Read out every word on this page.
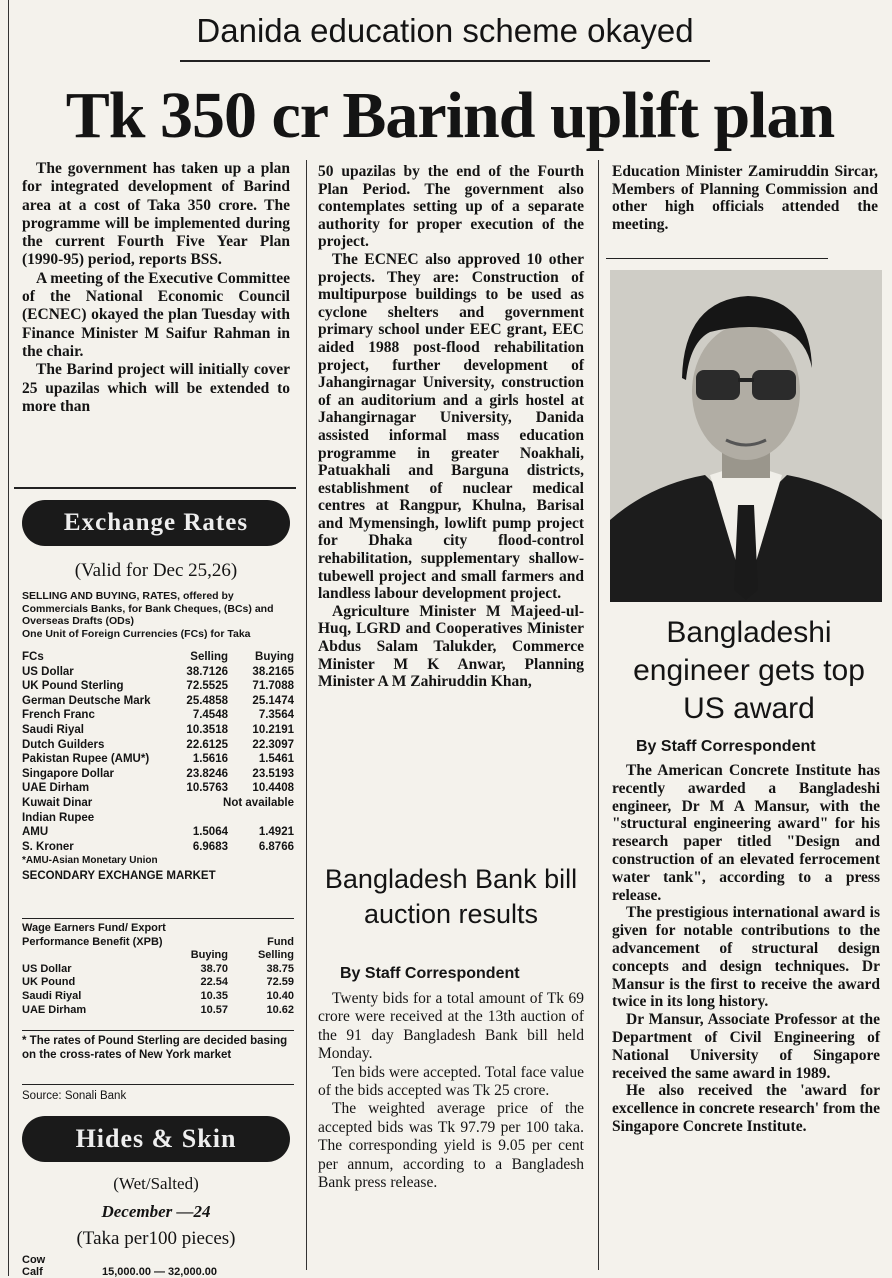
Danida education scheme okayed
Tk 350 cr Barind uplift plan

The government has taken up a plan for integrated development of Barind area at a cost of Taka 350 crore. The programme will be implemented during the current Fourth Five Year Plan (1990-95) period, reports BSS.

A meeting of the Executive Committee of the National Economic Council (ECNEC) okayed the plan Tuesday with Finance Minister M Saifur Rahman in the chair.

The Barind project will initially cover 25 upazilas which will be extended to more than

Exchange Rates
(Valid for Dec 25,26)
SELLING AND BUYING, RATES, offered by Commercials Banks, for Bank Cheques, (BCs) and Overseas Drafts (ODs)
One Unit of Foreign Currencies (FCs) for Taka
FCs	Selling	Buying
US Dollar	38.7126	38.2165
UK Pound Sterling	72.5525	71.7088
German Deutsche Mark	25.4858	25.1474
French Franc	7.4548	7.3564
Saudi Riyal	10.3518	10.2191
Dutch Guilders	22.6125	22.3097
Pakistan Rupee (AMU*)	1.5616	1.5461
Singapore Dollar	23.8246	23.5193
UAE Dirham	10.5763	10.4408
Kuwait Dinar	Not available
Indian Rupee
AMU	1.5064	1.4921
S. Kroner	6.9683	6.8766
*AMU-Asian Monetary Union
SECONDARY EXCHANGE MARKET
Wage Earners Fund/ Export
Performance Benefit (XPB)	Fund
Buying	Selling
US Dollar	38.70	38.75
UK Pound	22.54	72.59
Saudi Riyal	10.35	10.40
UAE Dirham	10.57	10.62
* The rates of Pound Sterling are decided basing on the cross-rates of New York market
Source: Sonali Bank
Hides & Skin
(Wet/Salted)
December —24
(Taka per100 pieces)
Cow
Calf	15,000.00 — 32,000.00

50 upazilas by the end of the Fourth Plan Period. The government also contemplates setting up of a separate authority for proper execution of the project.

The ECNEC also approved 10 other projects. They are: Construction of multipurpose buildings to be used as cyclone shelters and government primary school under EEC grant, EEC aided 1988 post-flood rehabilitation project, further development of Jahangirnagar University, construction of an auditorium and a girls hostel at Jahangirnagar University, Danida assisted informal mass education programme in greater Noakhali, Patuakhali and Barguna districts, establishment of nuclear medical centres at Rangpur, Khulna, Barisal and Mymensingh, lowlift pump project for Dhaka city flood-control rehabilitation, supplementary shallow-tubewell project and small farmers and landless labour development project.

Agriculture Minister M Majeed-ul-Huq, LGRD and Cooperatives Minister Abdus Salam Talukder, Commerce Minister M K Anwar, Planning Minister A M Zahiruddin Khan,

Bangladesh Bank bill auction results
By Staff Correspondent

Twenty bids for a total amount of Tk 69 crore were received at the 13th auction of the 91 day Bangladesh Bank bill held Monday.

Ten bids were accepted. Total face value of the bids accepted was Tk 25 crore.

The weighted average price of the accepted bids was Tk 97.79 per 100 taka. The corresponding yield is 9.05 per cent per annum, according to a Bangladesh Bank press release.

Education Minister Zamiruddin Sircar, Members of Planning Commission and other high officials attended the meeting.

Bangladeshi engineer gets top US award
By Staff Correspondent

The American Concrete Institute has recently awarded a Bangladeshi engineer, Dr M A Mansur, with the "structural engineering award" for his research paper titled "Design and construction of an elevated ferrocement water tank", according to a press release.

The prestigious international award is given for notable contributions to the advancement of structural design concepts and design techniques. Dr Mansur is the first to receive the award twice in its long history.

Dr Mansur, Associate Professor at the Department of Civil Engineering of National University of Singapore received the same award in 1989.

He also received the 'award for excellence in concrete research' from the Singapore Concrete Institute.
